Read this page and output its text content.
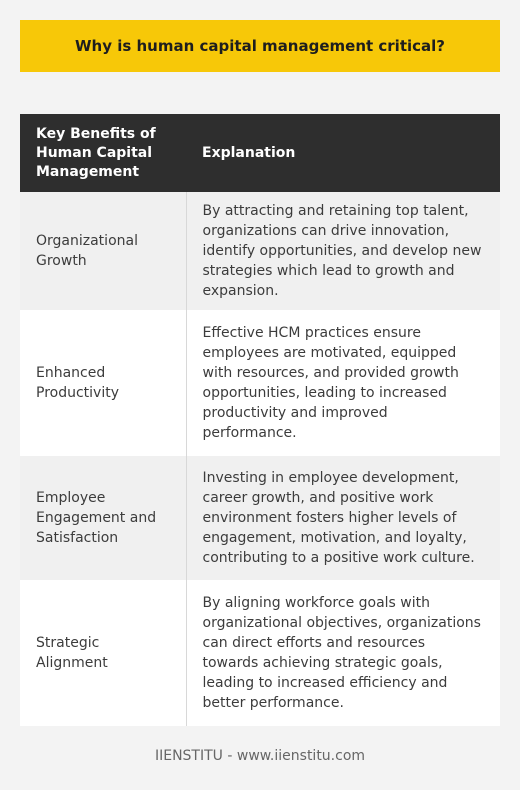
Why is human capital management critical?
Key Benefits of Human Capital Management	Explanation
Organizational Growth	By attracting and retaining top talent, organizations can drive innovation, identify opportunities, and develop new strategies which lead to growth and expansion.
Enhanced Productivity	Effective HCM practices ensure employees are motivated, equipped with resources, and provided growth opportunities, leading to increased productivity and improved performance.
Employee Engagement and Satisfaction	Investing in employee development, career growth, and positive work environment fosters higher levels of engagement, motivation, and loyalty, contributing to a positive work culture.
Strategic Alignment	By aligning workforce goals with organizational objectives, organizations can direct efforts and resources towards achieving strategic goals, leading to increased efficiency and better performance.
IIENSTITU - www.iienstitu.com
